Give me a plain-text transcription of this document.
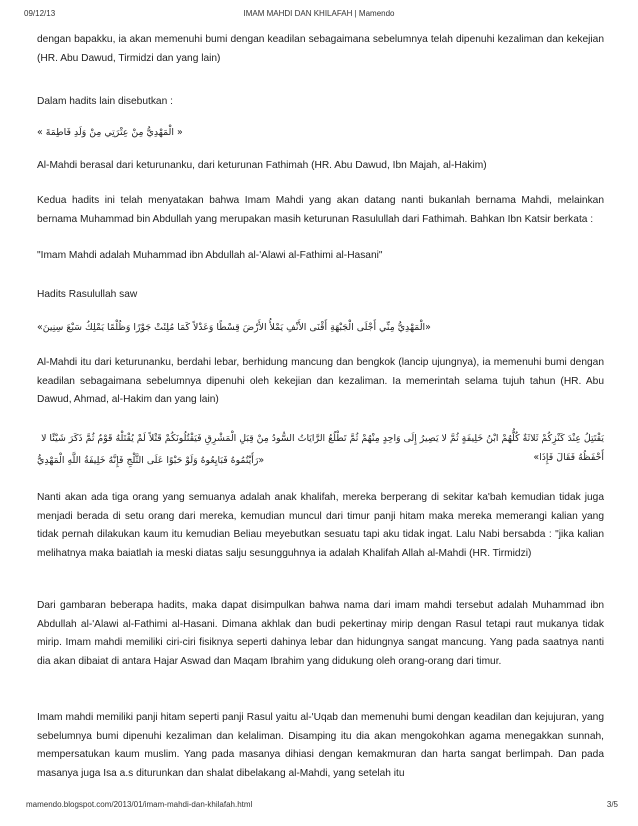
09/12/13	IMAM MAHDI DAN KHILAFAH | Mamendo
dengan bapakku, ia akan memenuhi bumi dengan keadilan sebagaimana sebelumnya telah dipenuhi kezaliman dan kekejian (HR. Abu Dawud, Tirmidzi dan yang lain)
Dalam hadits lain disebutkan :
« الْمَهْدِيُّ مِنْ عِتْرَتِي مِنْ وَلَدِ فَاطِمَةَ »
Al-Mahdi berasal dari keturunanku, dari keturunan Fathimah (HR. Abu Dawud, Ibn Majah, al-Hakim)
Kedua hadits ini telah menyatakan bahwa Imam Mahdi yang akan datang nanti bukanlah bernama Mahdi, melainkan bernama Muhammad bin Abdullah yang merupakan masih keturunan Rasulullah dari Fathimah. Bahkan Ibn Katsir berkata :
"Imam Mahdi adalah Muhammad ibn Abdullah al-'Alawi al-Fathimi al-Hasani"
Hadits Rasulullah saw
«الْمَهْدِيُّ مِنِّي أَجْلَى الْجَبْهَةِ أَقْنَى الأَنْفِ يَمْلأُ الأَرْضَ قِسْطًا وَعَدْلاً كَمَا مُلِئَتْ جَوْرًا وَظُلْمًا يَمْلِكُ سَبْعَ سِنِينَ»
Al-Mahdi itu dari keturunanku, berdahi lebar, berhidung mancung dan bengkok (lancip ujungnya), ia memenuhi bumi dengan keadilan sebagaimana sebelumnya dipenuhi oleh kekejian dan kezaliman. Ia memerintah selama tujuh tahun (HR. Abu Dawud, Ahmad, al-Hakim dan yang lain)
يَقْتَتِلُ عِنْدَ كَنْزِكُمْ ثَلاثَةٌ كُلُّهُمْ ابْنُ خَلِيفَةٍ ثُمَّ لا يَصِيرُ إِلَى وَاحِدٍ مِنْهُمْ ثُمَّ تَطْلُعُ الرَّايَاتُ السُّودُ مِنْ قِبَلِ الْمَشْرِقِ فَيَقْتُلُونَكُمْ قَتْلاً لَمْ يُقْتَلْهُ قَوْمٌ ثُمَّ ذَكَرَ شَيْئًا لا أَحْفَظُهُ فَقَالَ فَإِذَا»
«رَأَيْتُمُوهُ فَبَايِعُوهُ وَلَوْ حَبْوًا عَلَى الثَّلْجِ فَإِنَّهُ خَلِيفَةُ اللَّهِ الْمَهْدِيُّ
Nanti akan ada tiga orang yang semuanya adalah anak khalifah, mereka berperang di sekitar ka'bah kemudian tidak juga menjadi berada di setu orang dari mereka, kemudian muncul dari timur panji hitam maka mereka memerangi kalian yang tidak pernah dilakukan kaum itu kemudian Beliau meyebutkan sesuatu tapi aku tidak ingat. Lalu Nabi bersabda : "jika kalian melihatnya maka baiatlah ia meski diatas salju sesungguhnya ia adalah Khalifah Allah al-Mahdi (HR. Tirmidzi)
Dari gambaran beberapa hadits, maka dapat disimpulkan bahwa nama dari imam mahdi tersebut adalah Muhammad ibn Abdullah al-'Alawi al-Fathimi al-Hasani. Dimana akhlak dan budi pekertinay mirip dengan Rasul tetapi raut mukanya tidak mirip. Imam mahdi memiliki ciri-ciri fisiknya seperti dahinya lebar dan hidungnya sangat mancung. Yang pada saatnya nanti dia akan dibaiat di antara Hajar Aswad dan Maqam Ibrahim yang didukung oleh orang-orang dari timur.
Imam mahdi memiliki panji hitam seperti panji Rasul yaitu al-'Uqab dan memenuhi bumi dengan keadilan dan kejujuran, yang sebelumnya bumi dipenuhi kezaliman dan kelaliman. Disamping itu dia akan mengokohkan agama menegakkan sunnah, mempersatukan kaum muslim. Yang pada masanya dihiasi dengan kemakmuran dan harta sangat berlimpah. Dan pada masanya juga Isa a.s diturunkan dan shalat dibelakang al-Mahdi, yang setelah itu
mamendo.blogspot.com/2013/01/imam-mahdi-dan-khilafah.html	3/5
